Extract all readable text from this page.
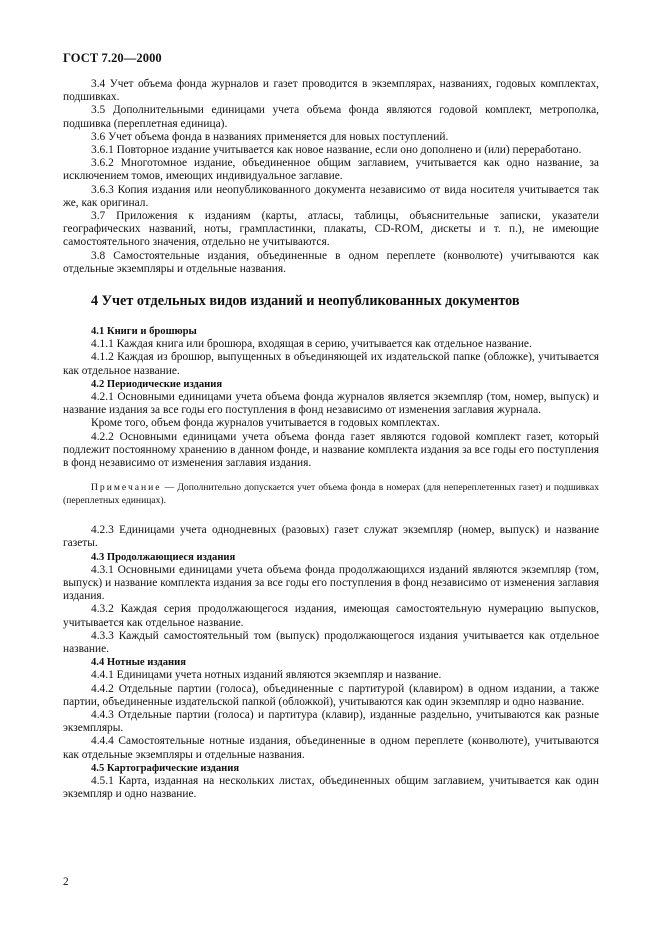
ГОСТ 7.20—2000

3.4 Учет объема фонда журналов и газет проводится в экземплярах, названиях, годовых комплектах, подшивках.

3.5 Дополнительными единицами учета объема фонда являются годовой комплект, метрополка, подшивка (переплетная единица).

3.6 Учет объема фонда в названиях применяется для новых поступлений.

3.6.1 Повторное издание учитывается как новое название, если оно дополнено и (или) переработано.

3.6.2 Многотомное издание, объединенное общим заглавием, учитывается как одно название, за исключением томов, имеющих индивидуальное заглавие.

3.6.3 Копия издания или неопубликованного документа независимо от вида носителя учитывается так же, как оригинал.

3.7 Приложения к изданиям (карты, атласы, таблицы, объяснительные записки, указатели географических названий, ноты, грампластинки, плакаты, CD-ROM, дискеты и т. п.), не имеющие самостоятельного значения, отдельно не учитываются.

3.8 Самостоятельные издания, объединенные в одном переплете (конволюте) учитываются как отдельные экземпляры и отдельные названия.

4 Учет отдельных видов изданий и неопубликованных документов

4.1 Книги и брошюры

4.1.1 Каждая книга или брошюра, входящая в серию, учитывается как отдельное название.

4.1.2 Каждая из брошюр, выпущенных в объединяющей их издательской папке (обложке), учитывается как отдельное название.

4.2 Периодические издания

4.2.1 Основными единицами учета объема фонда журналов является экземпляр (том, номер, выпуск) и название издания за все годы его поступления в фонд независимо от изменения заглавия журнала.

Кроме того, объем фонда журналов учитывается в годовых комплектах.

4.2.2 Основными единицами учета объема фонда газет являются годовой комплект газет, который подлежит постоянному хранению в данном фонде, и название комплекта издания за все годы его поступления в фонд независимо от изменения заглавия издания.

Примечание — Дополнительно допускается учет объема фонда в номерах (для непереплетенных газет) и подшивках (переплетных единицах).

4.2.3 Единицами учета однодневных (разовых) газет служат экземпляр (номер, выпуск) и название газеты.

4.3 Продолжающиеся издания

4.3.1 Основными единицами учета объема фонда продолжающихся изданий являются экземпляр (том, выпуск) и название комплекта издания за все годы его поступления в фонд независимо от изменения заглавия издания.

4.3.2 Каждая серия продолжающегося издания, имеющая самостоятельную нумерацию выпусков, учитывается как отдельное название.

4.3.3 Каждый самостоятельный том (выпуск) продолжающегося издания учитывается как отдельное название.

4.4 Нотные издания

4.4.1 Единицами учета нотных изданий являются экземпляр и название.

4.4.2 Отдельные партии (голоса), объединенные с партитурой (клавиром) в одном издании, а также партии, объединенные издательской папкой (обложкой), учитываются как один экземпляр и одно название.

4.4.3 Отдельные партии (голоса) и партитура (клавир), изданные раздельно, учитываются как разные экземпляры.

4.4.4 Самостоятельные нотные издания, объединенные в одном переплете (конволюте), учитываются как отдельные экземпляры и отдельные названия.

4.5 Картографические издания

4.5.1 Карта, изданная на нескольких листах, объединенных общим заглавием, учитывается как один экземпляр и одно название.

2
